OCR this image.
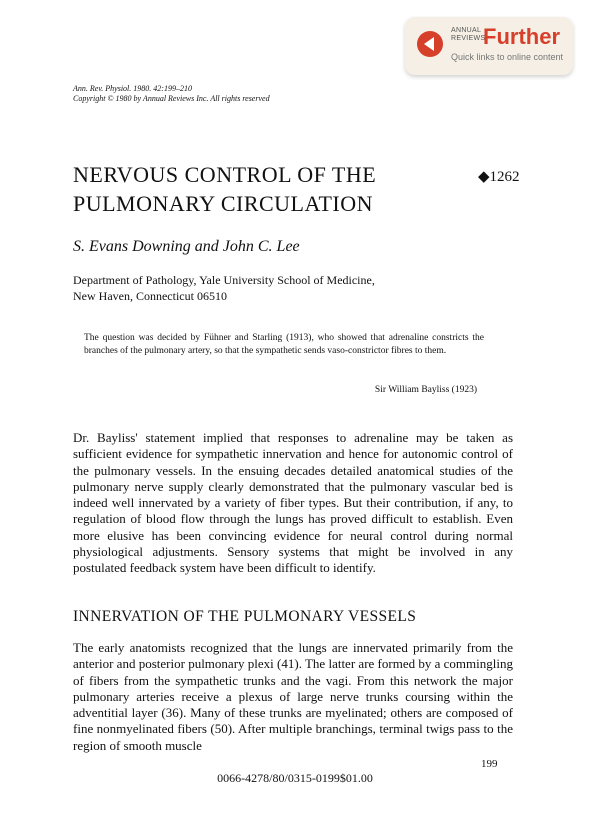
ANNUAL
REVIEWS
Further
Quick links to online content
Ann. Rev. Physiol. 1980. 42:199–210
Copyright © 1980 by Annual Reviews Inc. All rights reserved
NERVOUS CONTROL OF THE
PULMONARY CIRCULATION
◆1262
S. Evans Downing and John C. Lee
Department of Pathology, Yale University School of Medicine,
New Haven, Connecticut 06510
The question was decided by Fühner and Starling (1913), who showed that adrenaline constricts the branches of the pulmonary artery, so that the sympathetic sends vaso-constrictor fibres to them.
Sir William Bayliss (1923)
Dr. Bayliss' statement implied that responses to adrenaline may be taken as sufficient evidence for sympathetic innervation and hence for autonomic control of the pulmonary vessels. In the ensuing decades detailed anatomical studies of the pulmonary nerve supply clearly demonstrated that the pulmonary vascular bed is indeed well innervated by a variety of fiber types. But their contribution, if any, to regulation of blood flow through the lungs has proved difficult to establish. Even more elusive has been convincing evidence for neural control during normal physiological adjustments. Sensory systems that might be involved in any postulated feedback system have been difficult to identify.
INNERVATION OF THE PULMONARY VESSELS
The early anatomists recognized that the lungs are innervated primarily from the anterior and posterior pulmonary plexi (41). The latter are formed by a commingling of fibers from the sympathetic trunks and the vagi. From this network the major pulmonary arteries receive a plexus of large nerve trunks coursing within the adventitial layer (36). Many of these trunks are myelinated; others are composed of fine nonmyelinated fibers (50). After multiple branchings, terminal twigs pass to the region of smooth muscle
199
0066-4278/80/0315-0199$01.00
